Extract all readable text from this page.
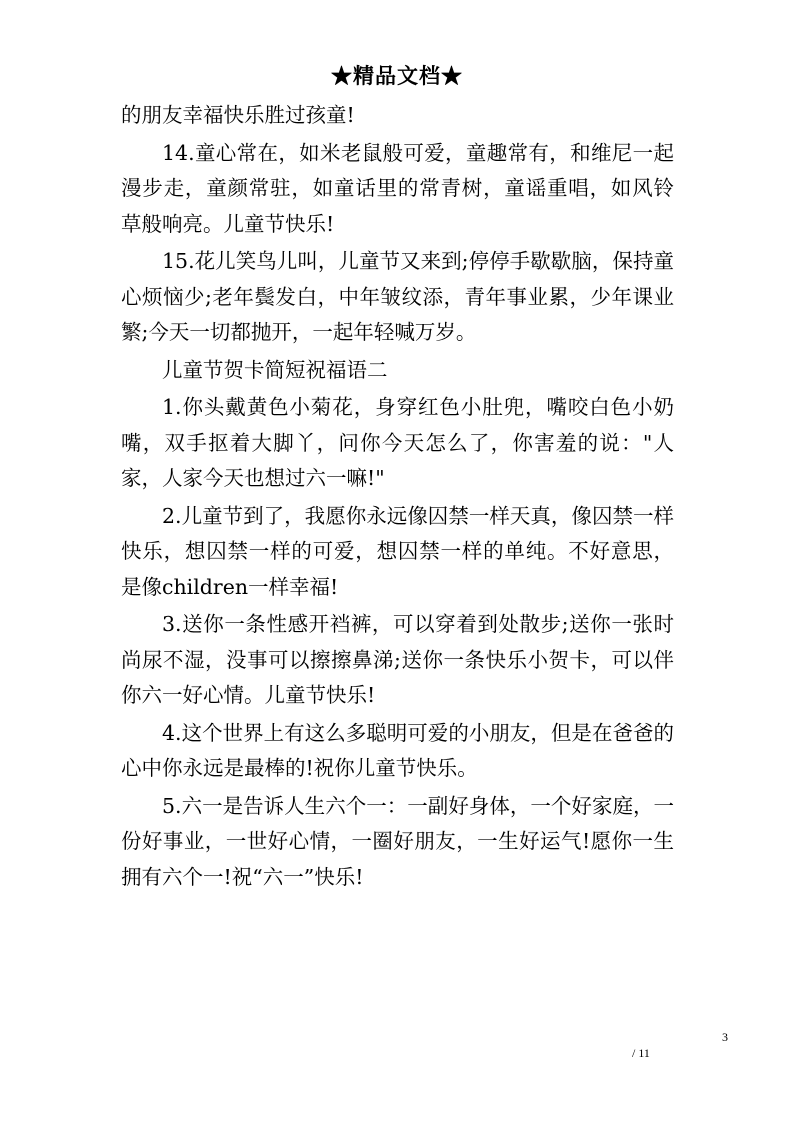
★精品文档★

的朋友幸福快乐胜过孩童!

14.童心常在，如米老鼠般可爱，童趣常有，和维尼一起漫步走，童颜常驻，如童话里的常青树，童谣重唱，如风铃草般响亮。儿童节快乐!

15.花儿笑鸟儿叫，儿童节又来到;停停手歇歇脑，保持童心烦恼少;老年鬓发白，中年皱纹添，青年事业累，少年课业繁;今天一切都抛开，一起年轻喊万岁。

儿童节贺卡简短祝福语二

1.你头戴黄色小菊花，身穿红色小肚兜，嘴咬白色小奶嘴，双手抠着大脚丫，问你今天怎么了，你害羞的说："人家，人家今天也想过六一嘛!"

2.儿童节到了，我愿你永远像囚禁一样天真，像囚禁一样快乐，想囚禁一样的可爱，想囚禁一样的单纯。不好意思，是像children一样幸福!

3.送你一条性感开裆裤，可以穿着到处散步;送你一张时尚尿不湿，没事可以擦擦鼻涕;送你一条快乐小贺卡，可以伴你六一好心情。儿童节快乐!

4.这个世界上有这么多聪明可爱的小朋友，但是在爸爸的心中你永远是最棒的!祝你儿童节快乐。

5.六一是告诉人生六个一：一副好身体，一个好家庭，一份好事业，一世好心情，一圈好朋友，一生好运气!愿你一生拥有六个一!祝“六一”快乐!

3
/ 11
